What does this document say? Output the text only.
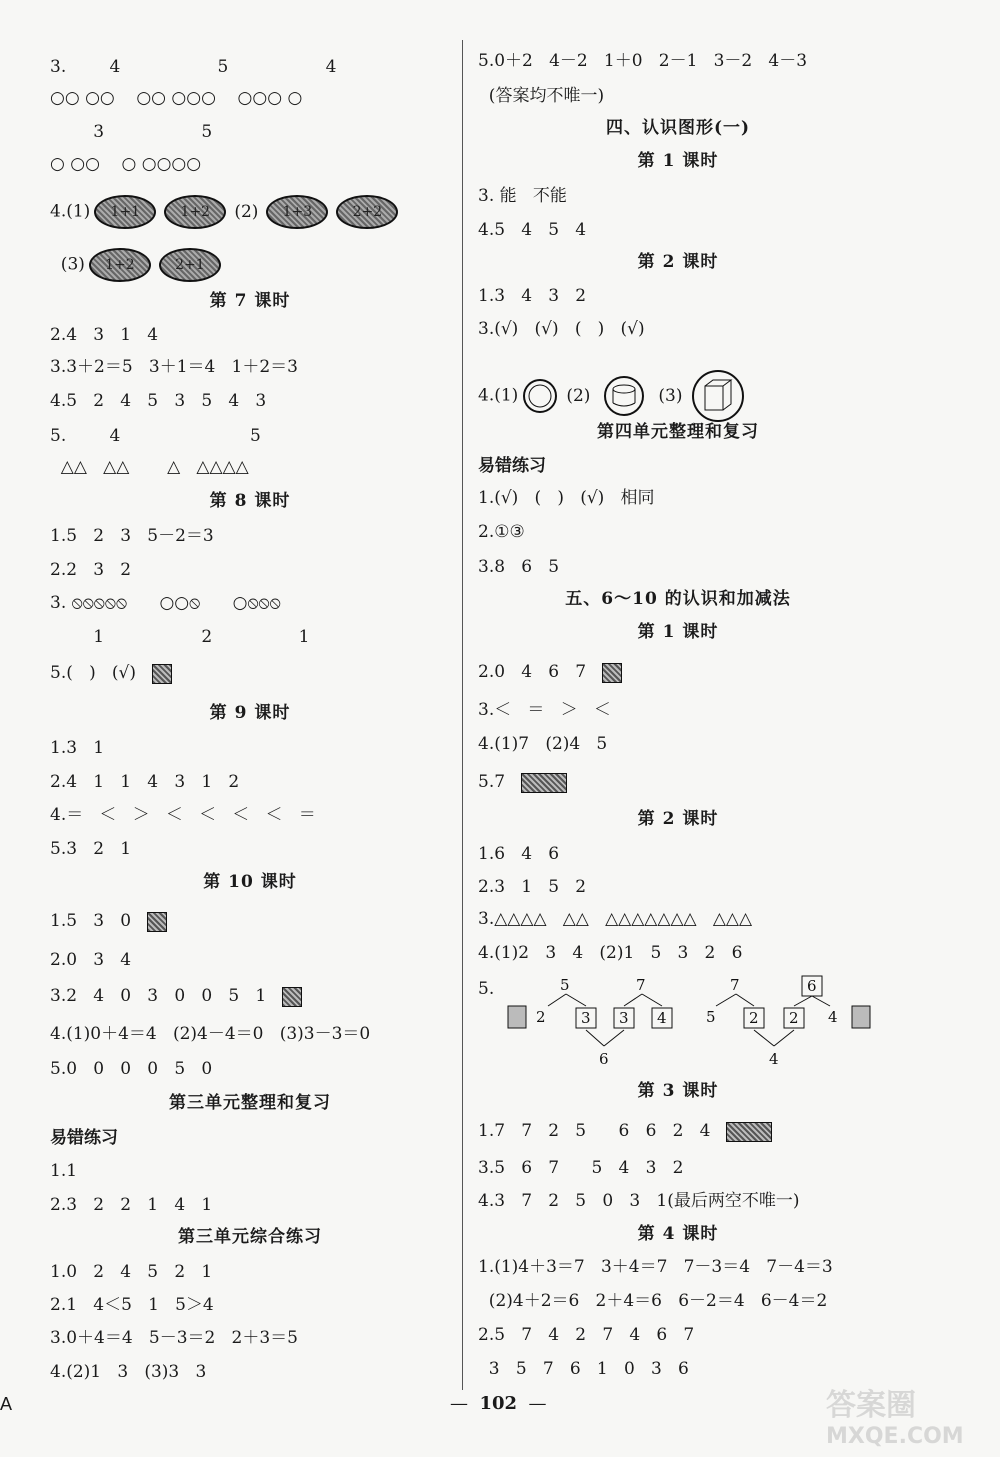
3.        4                  5                  4
○○ ○○    ○○ ○○○    ○○○ ○
3                  5
○ ○○    ○ ○○○○
4.(1) 1+1	1+2 (2) 1+3	2+2
(3) 1+2	2+1
第 7 课时
2.4   3   1   4
3.3＋2＝5   3＋1＝4   1＋2＝3
4.5   2   4   5   3   5   4   3
5.        4                        5
△△   △△       △   △△△△
第 8 课时
1.5   2   3   5－2＝3
2.2   3   2
3. ⦸⦸⦸⦸⦸      ○○⦸      ○⦸⦸⦸
1                  2                1
5.(   )   (√)
第 9 课时
1.3   1
2.4   1   1   4   3   1   2
4.＝   ＜   ＞   ＜   ＜   ＜   ＜   ＝
5.3   2   1
第 10 课时
1.5   3   0
2.0   3   4
3.2   4   0   3   0   0   5   1
4.(1)0＋4＝4   (2)4－4＝0   (3)3－3＝0
5.0   0   0   0   5   0
第三单元整理和复习
易错练习
1.1
2.3   2   2   1   4   1
第三单元综合练习
1.0   2   4   5   2   1
2.1   4＜5   1   5＞4
3.0＋4＝4   5－3＝2   2＋3＝5
4.(2)1   3   (3)3   3
5.0＋2   4－2   1＋0   2－1   3－2   4－3
(答案均不唯一)
四、认识图形(一)
第 1 课时
3. 能   不能
4.5   4   5   4
第 2 课时
1.3   4   3   2
3.(√)   (√)   (   )   (√)
4.(1)	(2)	(3)
第四单元整理和复习
易错练习
1.(√)   (   )   (√)   相同
2.①③
3.8   6   5
五、6～10 的认识和加减法
第 1 课时
2.0   4   6   7
3.＜   ＝   ＞   ＜
4.(1)7   (2)4   5
5.7
第 2 课时
1.6   4   6
2.3   1   5   2
3.△△△△   △△   △△△△△△△   △△△
4.(1)2   3   4   (2)1   5   3   2   6
5.
第 3 课时
1.7   7   2   5      6   6   2   4
3.5   6   7      5   4   3   2
4.3   7   2   5   0   3   1(最后两空不唯一)
第 4 课时
1.(1)4＋3＝7   3＋4＝7   7－3＝4   7－4＝3
(2)4＋2＝6   2＋4＝6   6－2＝4   6－4＝2
2.5   7   4   2   7   4   6   7
3   5   7   6   1   0   3   6
2
5
3 3
7
4
6
5
7
2 2
6
4
4
—  102  —
A	答案圈
MXQE.COM
